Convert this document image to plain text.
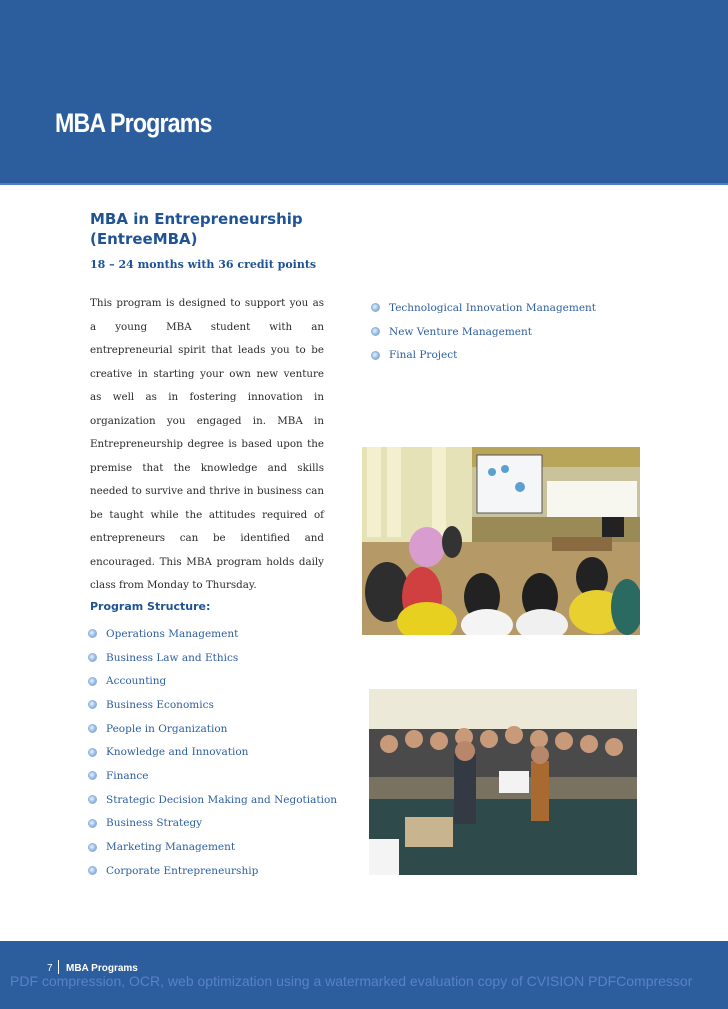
MBA Programs
MBA in Entrepreneurship (EntreeMBA)
18 – 24 months with 36 credit points
This program is designed to support you as a young MBA student with an entrepreneurial spirit that leads you to be creative in starting your own new venture as well as in fostering innovation in organization you engaged in. MBA in Entrepreneurship degree is based upon the premise that the knowledge and skills needed to survive and thrive in business can be taught while the attitudes required of entrepreneurs can be identified and encouraged. This MBA program holds daily class from Monday to Thursday.
Program Structure:
Operations Management
Business Law and Ethics
Accounting
Business Economics
People in Organization
Knowledge and Innovation
Finance
Strategic Decision Making and Negotiation
Business Strategy
Marketing Management
Corporate Entrepreneurship
Technological Innovation Management
New Venture Management
Final Project
7 MBA Programs
PDF compression, OCR, web optimization using a watermarked evaluation copy of CVISION PDFCompressor
